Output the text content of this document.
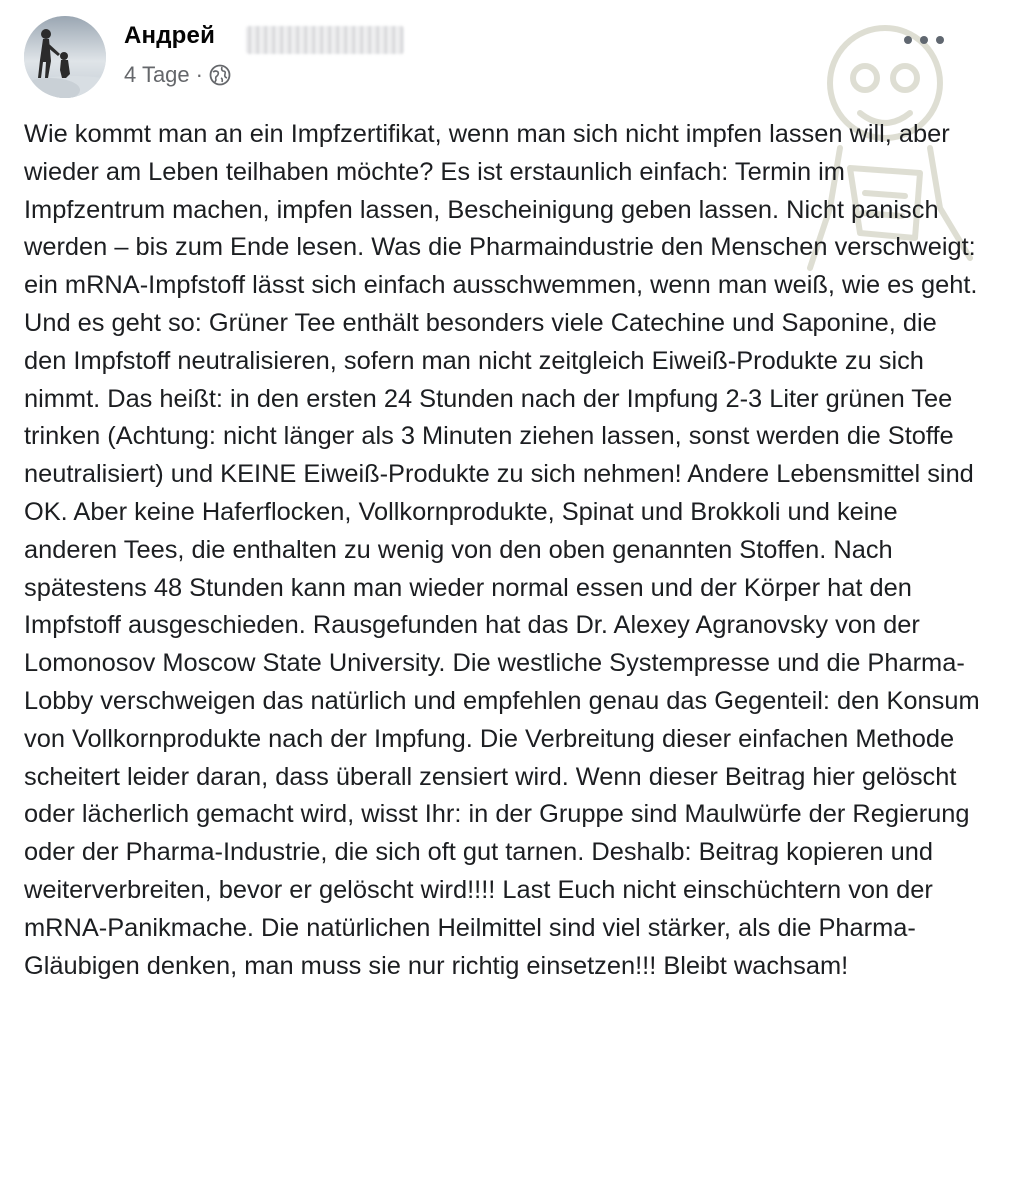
Андрей
4 Tage ·
Wie kommt man an ein Impfzertifikat, wenn man sich nicht impfen lassen will, aber wieder am Leben teilhaben möchte? Es ist erstaunlich einfach: Termin im Impfzentrum machen, impfen lassen, Bescheinigung geben lassen. Nicht panisch werden – bis zum Ende lesen. Was die Pharmaindustrie den Menschen verschweigt: ein mRNA-Impfstoff lässt sich einfach ausschwemmen, wenn man weiß, wie es geht. Und es geht so: Grüner Tee enthält besonders viele Catechine und Saponine, die den Impfstoff neutralisieren, sofern man nicht zeitgleich Eiweiß-Produkte zu sich nimmt. Das heißt: in den ersten 24 Stunden nach der Impfung 2-3 Liter grünen Tee trinken (Achtung: nicht länger als 3 Minuten ziehen lassen, sonst werden die Stoffe neutralisiert) und KEINE Eiweiß-Produkte zu sich nehmen! Andere Lebensmittel sind OK. Aber keine Haferflocken, Vollkornprodukte, Spinat und Brokkoli und keine anderen Tees, die enthalten zu wenig von den oben genannten Stoffen. Nach spätestens 48 Stunden kann man wieder normal essen und der Körper hat den Impfstoff ausgeschieden. Rausgefunden hat das Dr. Alexey Agranovsky von der Lomonosov Moscow State University. Die westliche Systempresse und die Pharma-Lobby verschweigen das natürlich und empfehlen genau das Gegenteil: den Konsum von Vollkornprodukte nach der Impfung. Die Verbreitung dieser einfachen Methode scheitert leider daran, dass überall zensiert wird. Wenn dieser Beitrag hier gelöscht oder lächerlich gemacht wird, wisst Ihr: in der Gruppe sind Maulwürfe der Regierung oder der Pharma-Industrie, die sich oft gut tarnen. Deshalb: Beitrag kopieren und weiterverbreiten, bevor er gelöscht wird!!!! Last Euch nicht einschüchtern von der mRNA-Panikmache. Die natürlichen Heilmittel sind viel stärker, als die Pharma-Gläubigen denken, man muss sie nur richtig einsetzen!!! Bleibt wachsam!
